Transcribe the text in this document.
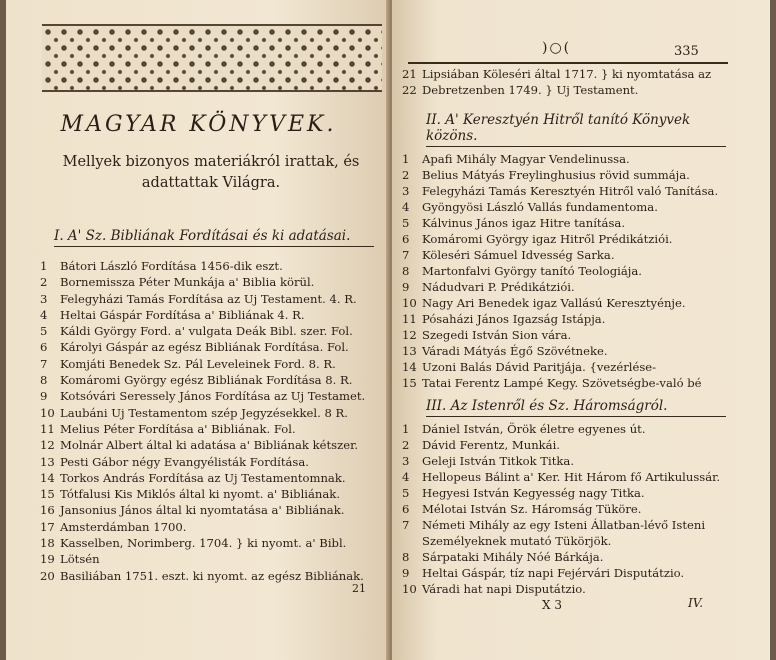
MAGYAR KÖNYVEK.
Mellyek bizonyos materiákról irattak, és adattattak Világra.
I. A' Sz. Bibliának Fordításai és ki adatásai.
1	Bátori László Fordítása 1456-dik eszt.
2	Bornemissza Péter Munkája a' Biblia körül.
3	Felegyházi Tamás Fordítása az Uj Testament. 4. R.
4	Heltai Gáspár Fordítása a' Bibliának 4. R.
5	Káldi György Ford. a' vulgata Deák Bibl. szer. Fol.
6	Károlyi Gáspár az egész Bibliának Fordítása. Fol.
7	Komjáti Benedek Sz. Pál Leveleinek Ford. 8. R.
8	Komáromi György egész Bibliának Fordítása 8. R.
9	Kotsóvári Seressely János Fordítása az Uj Testamet.
10 Laubáni Uj Testamentom szép Jegyzésekkel. 8 R.
11 Melius Péter Fordítása a' Bibliának. Fol.
12 Molnár Albert által ki adatása a' Bibliának kétszer.
13 Pesti Gábor négy Evangyélisták Fordítása.
14 Torkos András Fordítása az Uj Testamentomnak.
15 Tótfalusi Kis Miklós által ki nyomt. a' Bibliának.
16 Jansonius János által ki nyomtatása a' Bibliának.
17 Amsterdámban 1700.
18 Kasselben, Norimberg. 1704. } ki nyomt. a' Bibl.
19 Lötsén
20 Basiliában 1751. eszt. ki nyomt. az egész Bibliának.
21
)○(	335
21 Lipsiában Köleséri által 1717. } ki nyomtatása az
22 Debretzenben 1749. } Uj Testament.
II. A' Keresztyén Hitről tanító Könyvek közöns.
1	Apafi Mihály Magyar Vendelinussa.
2	Belius Mátyás Freylinghusius rövid summája.
3	Felegyházi Tamás Keresztyén Hitről való Tanítása.
4	Gyöngyösi László Vallás fundamentoma.
5	Kálvinus János igaz Hitre tanítása.
6	Komáromi György igaz Hitről Prédikátziói.
7	Köleséri Sámuel Idvesség Sarka.
8	Martonfalvi György tanító Teologiája.
9	Nádudvari P. Prédikátziói.
10 Nagy Ari Benedek igaz Vallású Keresztyénje.
11 Pósaházi János Igazság Istápja.
12 Szegedi István Sion vára.
13 Váradi Mátyás Égő Szövétneke.
14 Uzoni Balás Dávid Paritjája. {vezérlése-
15 Tatai Ferentz Lampé Kegy. Szövetségbe-való bé
III. Az Istenről és Sz. Háromságról.
1	Dániel István, Örök életre egyenes út.
2	Dávid Ferentz, Munkái.
3	Geleji István Titkok Titka.
4	Hellopeus Bálint a' Ker. Hit Három fő Artikulussár.
5	Hegyesi István Kegyesség nagy Titka.
6	Mélotai István Sz. Háromság Tükörе.
7	Németi Mihály az egy Isteni Állatban-lévő Isteni
Személyeknek mutató Tükörjök.
8	Sárpataki Mihály Nóé Bárkája.
9	Heltai Gáspár, tíz napi Fejérvári Disputátzio.
10 Váradi hat napi Disputátzio.
X 3	IV.
